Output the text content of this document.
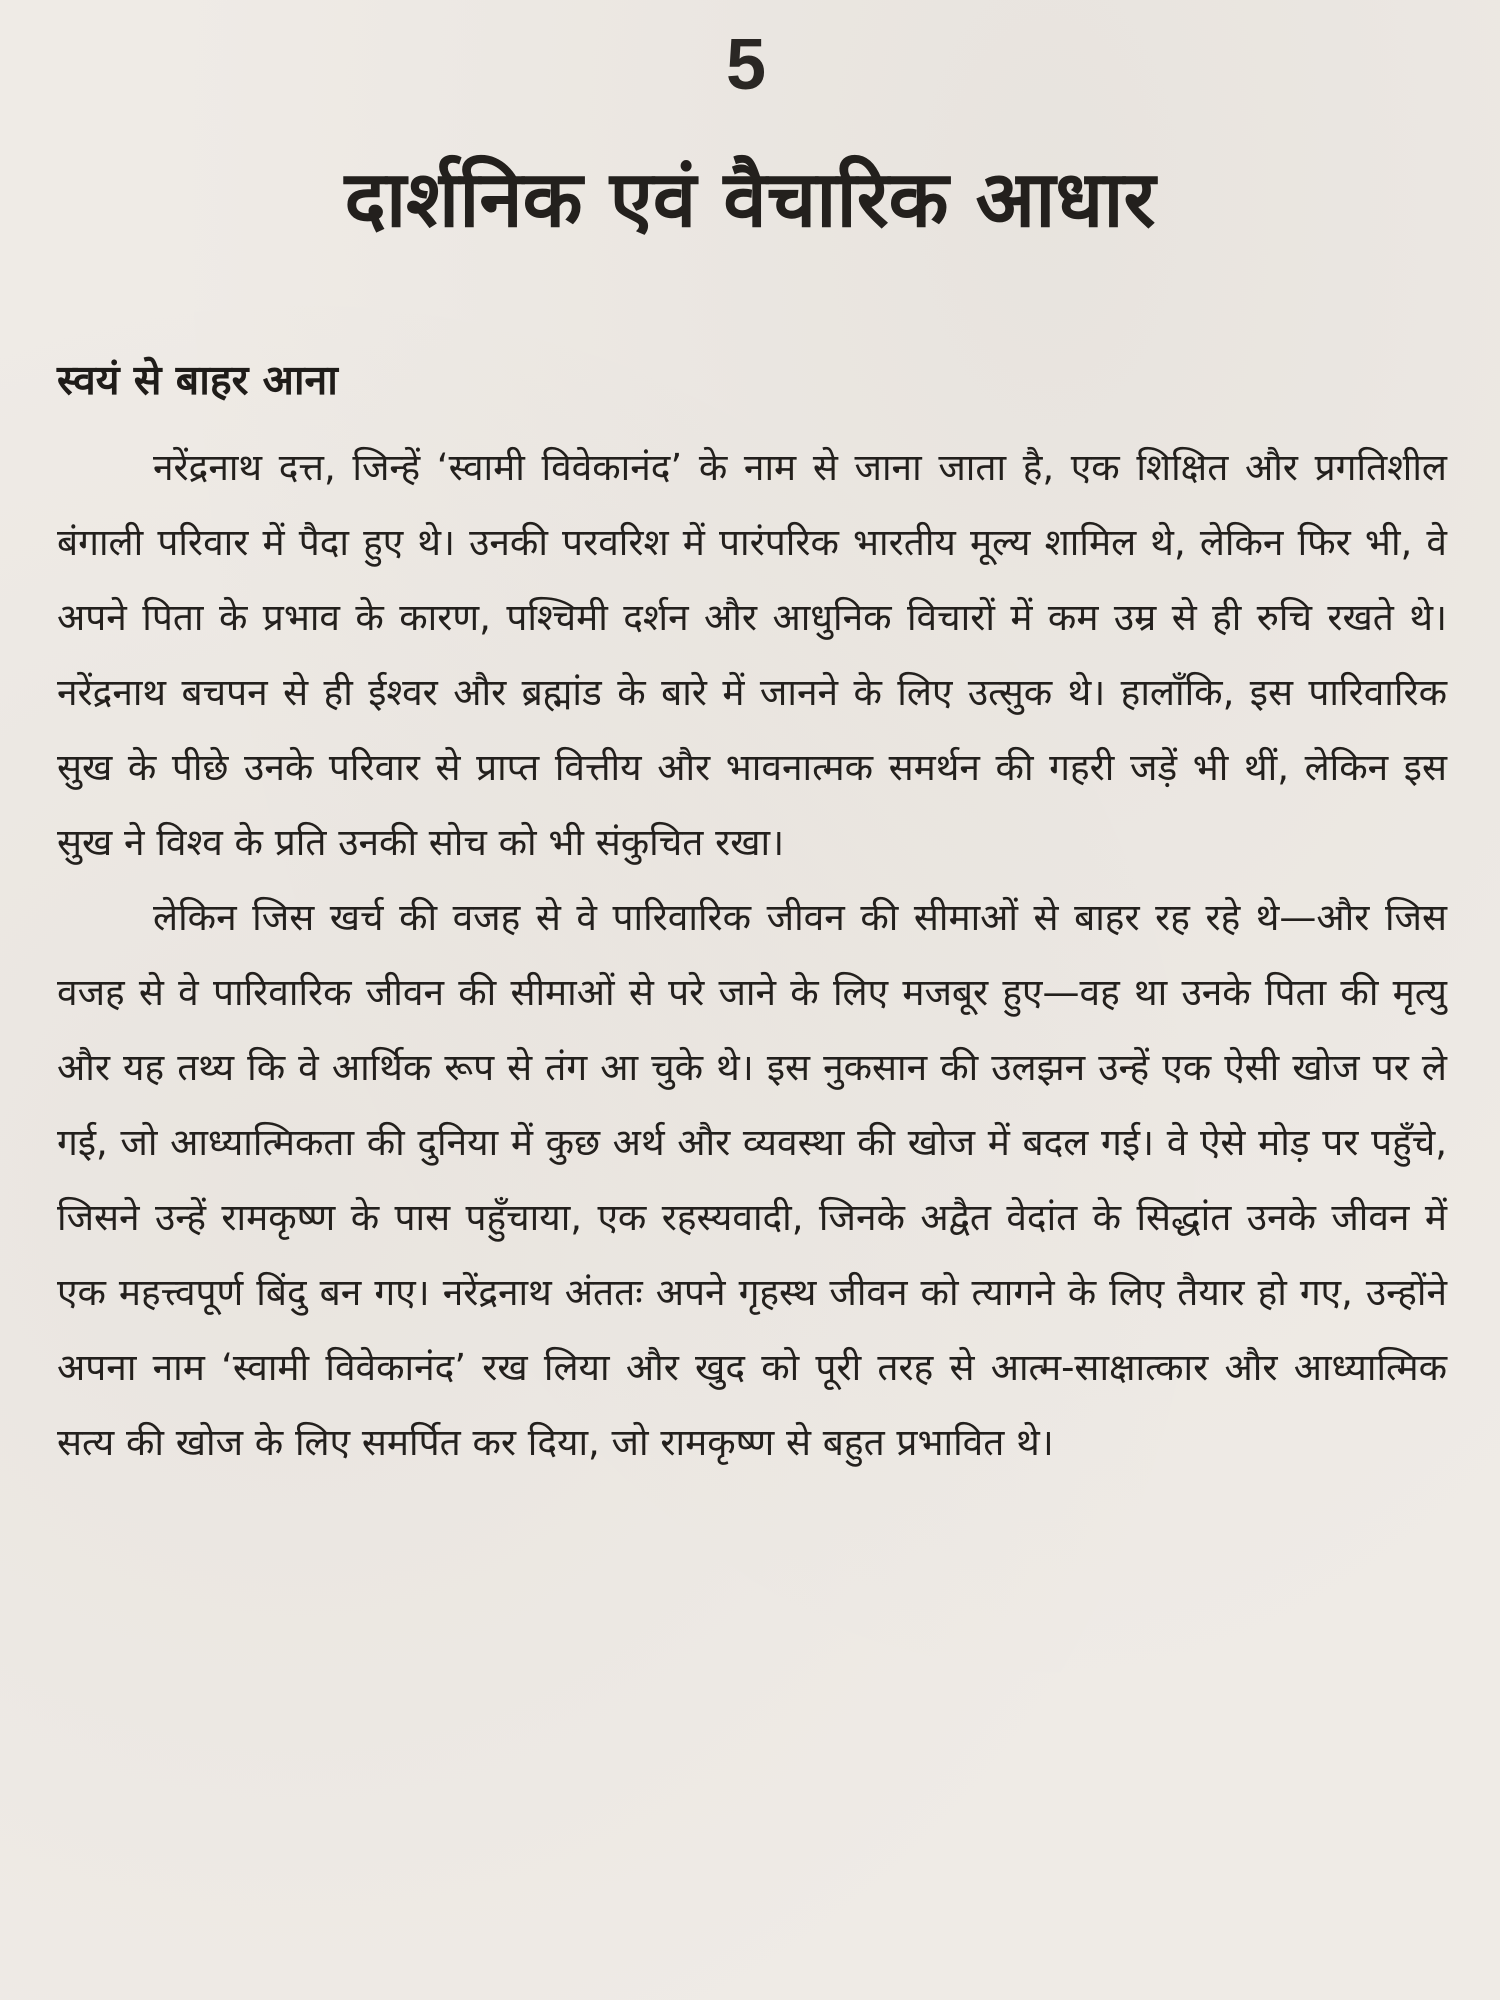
5
दार्शनिक एवं वैचारिक आधार
स्वयं से बाहर आना

नरेंद्रनाथ दत्त, जिन्हें ‘स्वामी विवेकानंद’ के नाम से जाना जाता है, एक शिक्षित और प्रगतिशील बंगाली परिवार में पैदा हुए थे। उनकी परवरिश में पारंपरिक भारतीय मूल्य शामिल थे, लेकिन फिर भी, वे अपने पिता के प्रभाव के कारण, पश्चिमी दर्शन और आधुनिक विचारों में कम उम्र से ही रुचि रखते थे। नरेंद्रनाथ बचपन से ही ईश्वर और ब्रह्मांड के बारे में जानने के लिए उत्सुक थे। हालाँकि, इस पारिवारिक सुख के पीछे उनके परिवार से प्राप्त वित्तीय और भावनात्मक समर्थन की गहरी जड़ें भी थीं, लेकिन इस सुख ने विश्व के प्रति उनकी सोच को भी संकुचित रखा।

लेकिन जिस खर्च की वजह से वे पारिवारिक जीवन की सीमाओं से बाहर रह रहे थे—और जिस वजह से वे पारिवारिक जीवन की सीमाओं से परे जाने के लिए मजबूर हुए—वह था उनके पिता की मृत्यु और यह तथ्य कि वे आर्थिक रूप से तंग आ चुके थे। इस नुकसान की उलझन उन्हें एक ऐसी खोज पर ले गई, जो आध्यात्मिकता की दुनिया में कुछ अर्थ और व्यवस्था की खोज में बदल गई। वे ऐसे मोड़ पर पहुँचे, जिसने उन्हें रामकृष्ण के पास पहुँचाया, एक रहस्यवादी, जिनके अद्वैत वेदांत के सिद्धांत उनके जीवन में एक महत्त्वपूर्ण बिंदु बन गए। नरेंद्रनाथ अंततः अपने गृहस्थ जीवन को त्यागने के लिए तैयार हो गए, उन्होंने अपना नाम ‘स्वामी विवेकानंद’ रख लिया और खुद को पूरी तरह से आत्म-साक्षात्कार और आध्यात्मिक सत्य की खोज के लिए समर्पित कर दिया, जो रामकृष्ण से बहुत प्रभावित थे।
